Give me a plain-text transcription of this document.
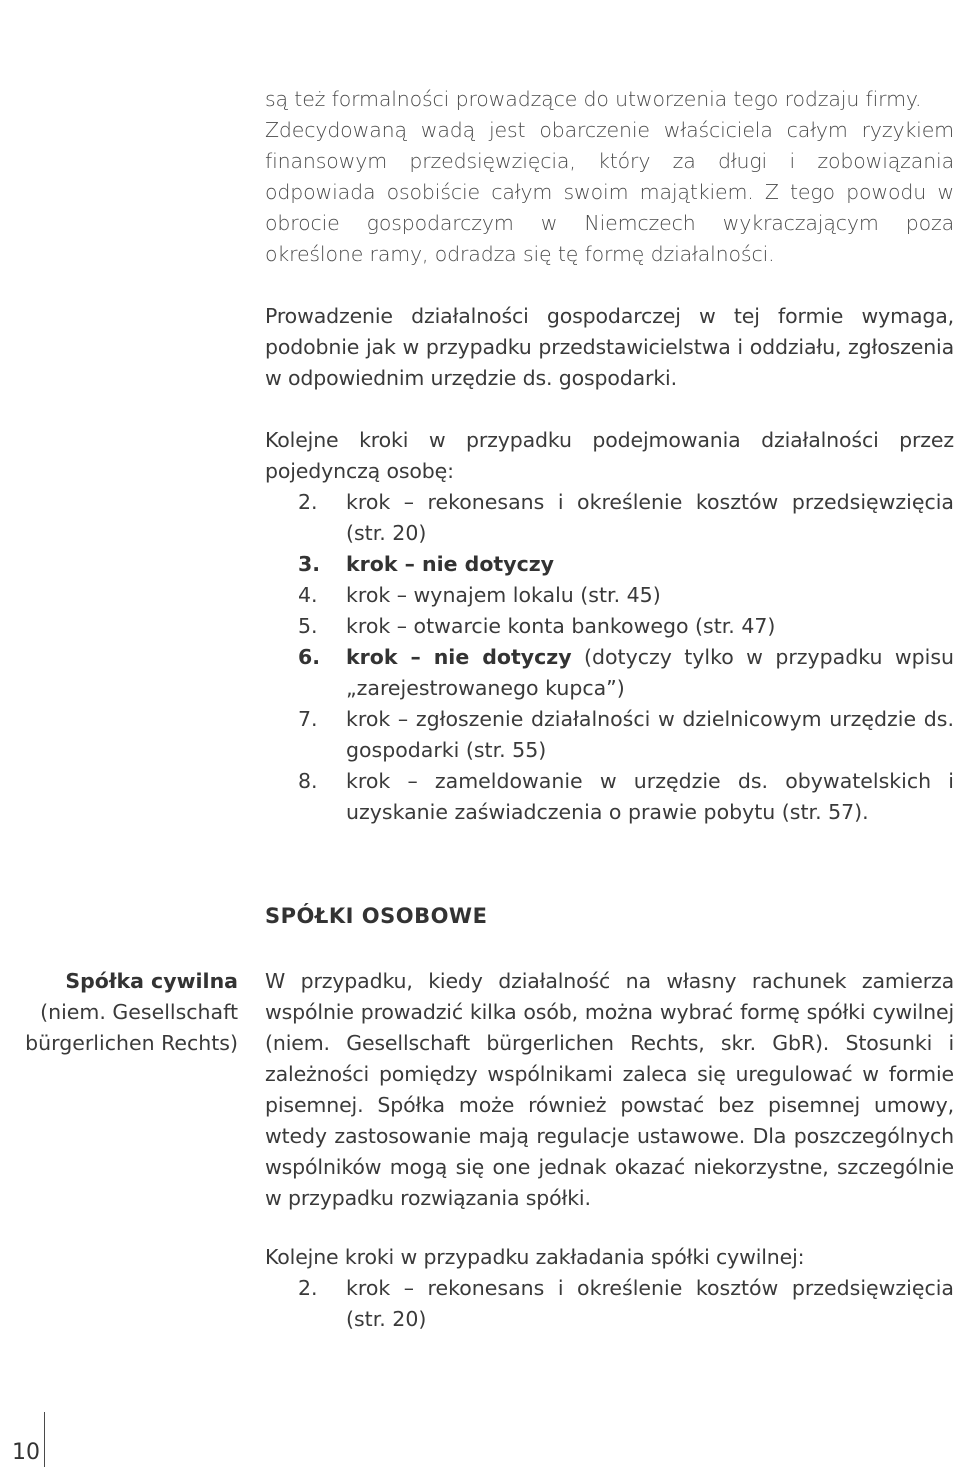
są też formalności prowadzące do utworzenia tego rodzaju firmy.

Zdecydowaną wadą jest obarczenie właściciela całym ryzykiem finansowym przedsięwzięcia, który za długi i zobowiązania odpowiada osobiście całym swoim majątkiem. Z tego powodu w obrocie gospodarczym w Niemczech wykraczającym poza określone ramy, odradza się tę formę działalności.

Prowadzenie działalności gospodarczej w tej formie wymaga, podobnie jak w przypadku przedstawicielstwa i oddziału, zgłoszenia w odpowiednim urzędzie ds. gospodarki.

Kolejne kroki w przypadku podejmowania działalności przez pojedynczą osobę:

2.	krok – rekonesans i określenie kosztów przedsięwzięcia (str. 20)
3.	krok – nie dotyczy
4.	krok – wynajem lokalu (str. 45)
5.	krok – otwarcie konta bankowego (str. 47)
6.	krok – nie dotyczy (dotyczy tylko w przypadku wpisu „zarejestrowanego kupca”)
7.	krok – zgłoszenie działalności w dzielnicowym urzędzie ds. gospodarki (str. 55)
8.	krok – zameldowanie w urzędzie ds. obywatelskich i uzyskanie zaświadczenia o prawie pobytu (str. 57).
SPÓŁKI OSOBOWE
Spółka cywilna
(niem. Gesellschaft bürgerlichen Rechts)

W przypadku, kiedy działalność na własny rachunek zamierza wspólnie prowadzić kilka osób, można wybrać formę spółki cywilnej (niem. Gesellschaft bürgerlichen Rechts, skr. GbR). Stosunki i zależności pomiędzy wspólnikami zaleca się uregulować w formie pisemnej. Spółka może również powstać bez pisemnej umowy, wtedy zastosowanie mają regulacje ustawowe. Dla poszczególnych wspólników mogą się one jednak okazać niekorzystne, szczególnie w przypadku rozwiązania spółki.

Kolejne kroki w przypadku zakładania spółki cywilnej:

2.	krok – rekonesans i określenie kosztów przedsięwzięcia (str. 20)
10
